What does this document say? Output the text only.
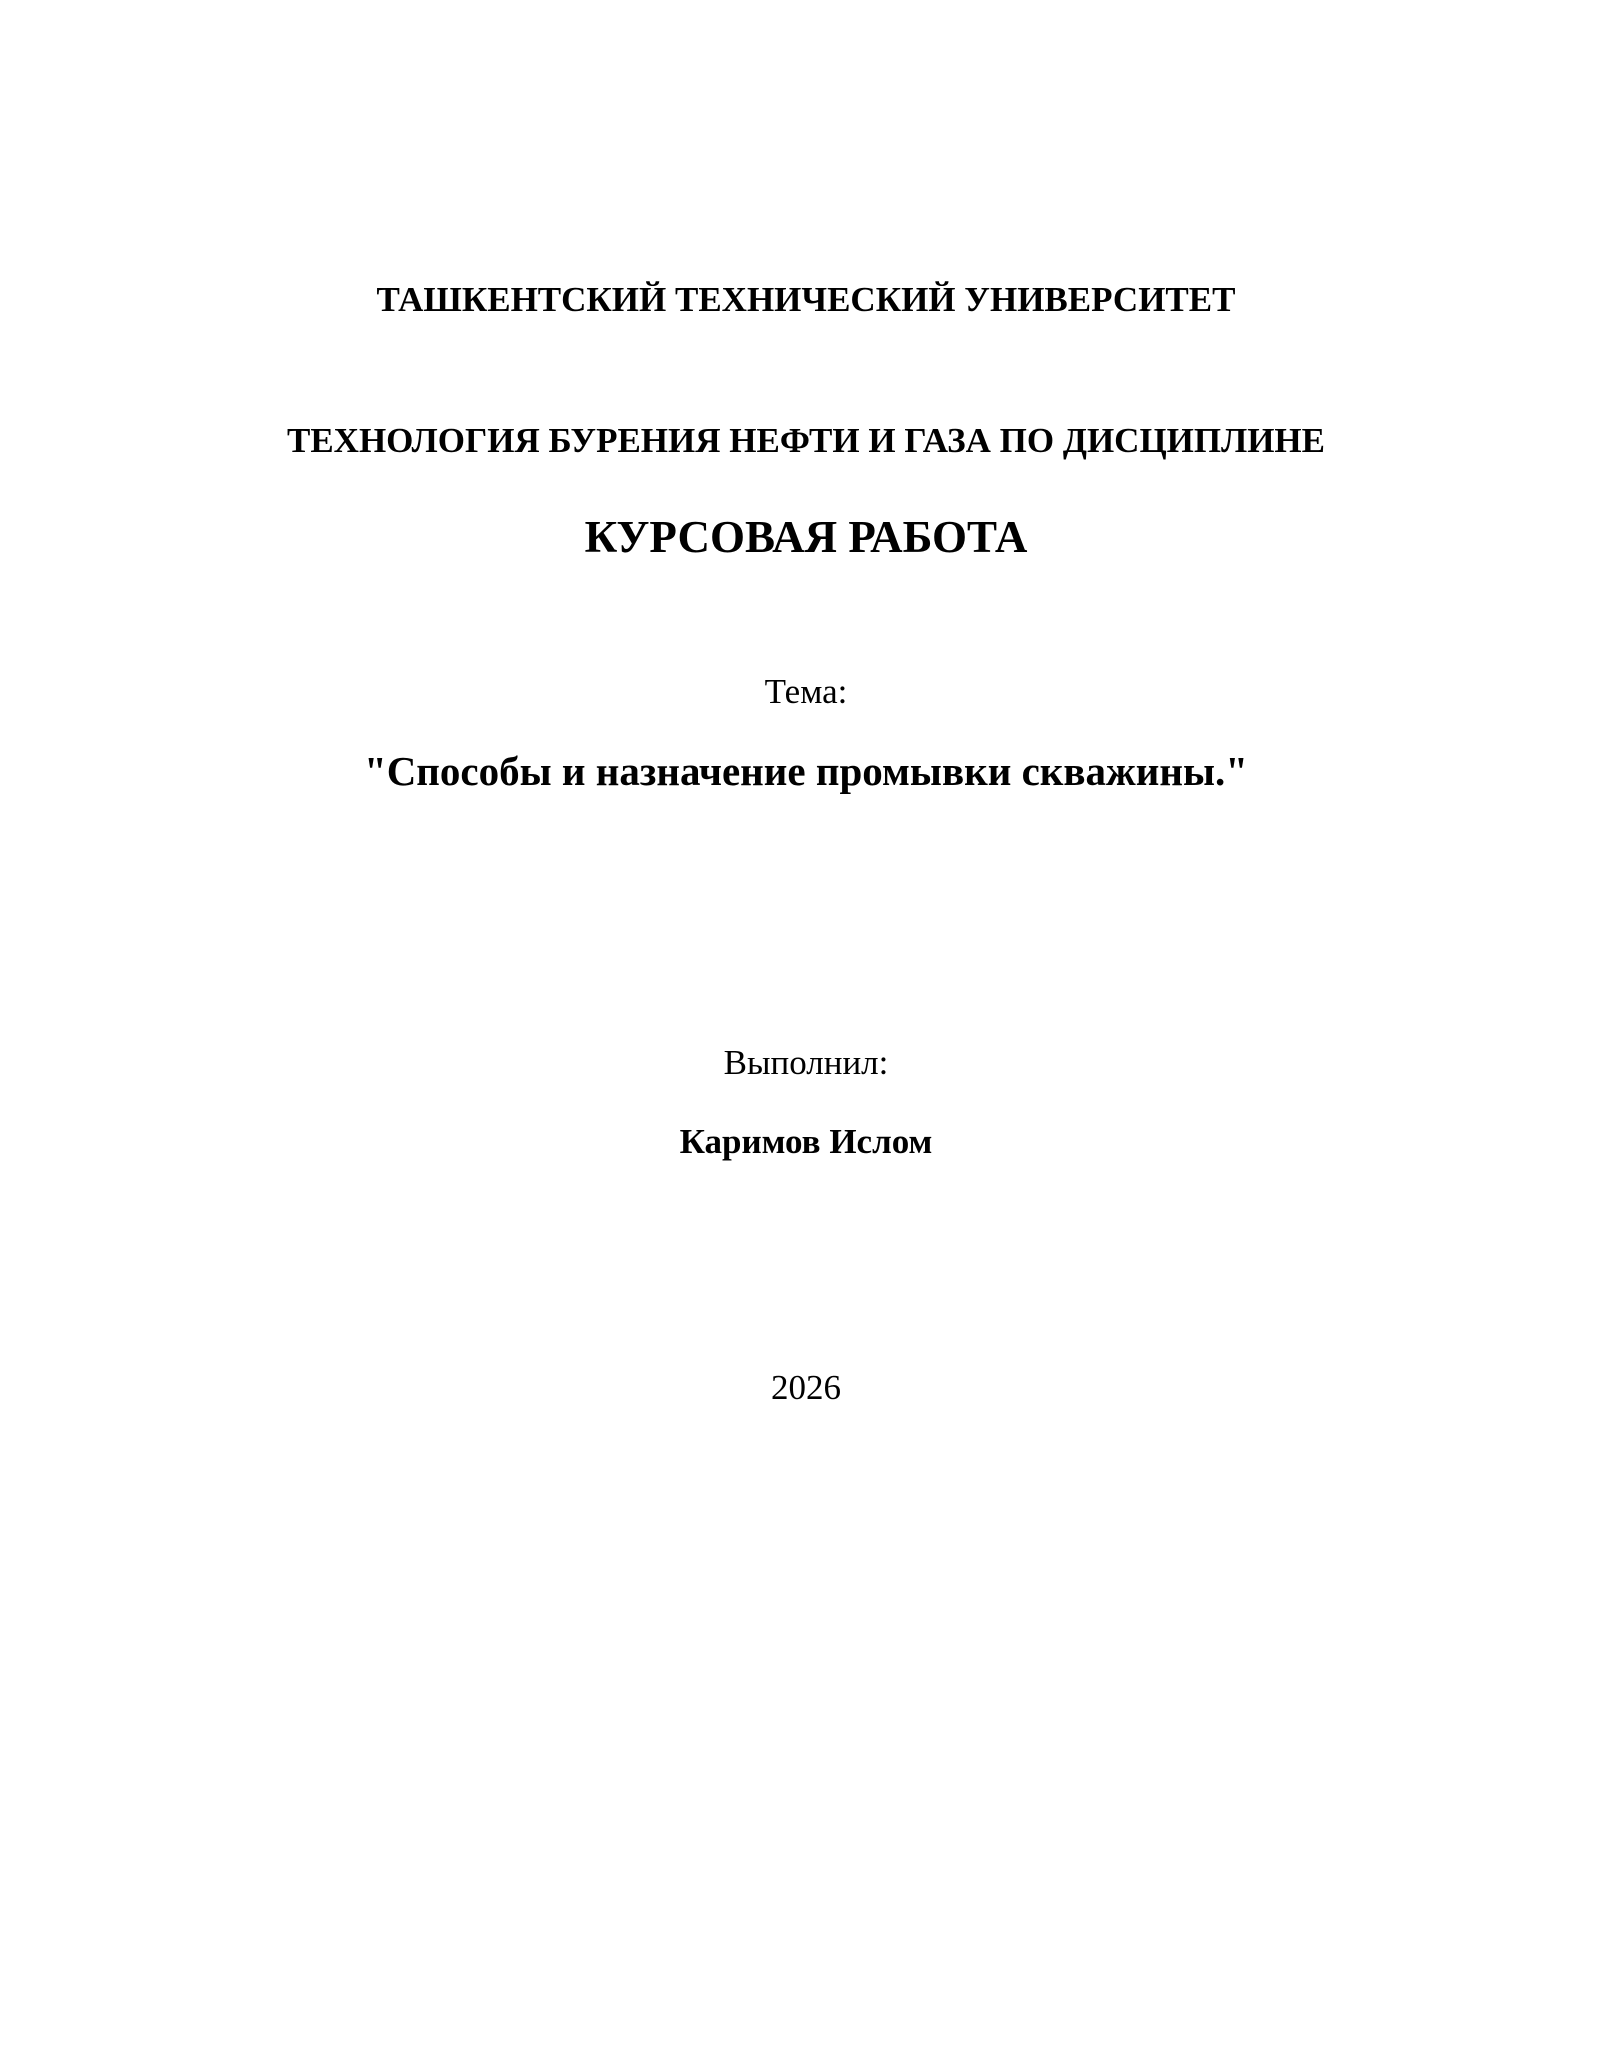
ТАШКЕНТСКИЙ ТЕХНИЧЕСКИЙ УНИВЕРСИТЕТ
ТЕХНОЛОГИЯ БУРЕНИЯ НЕФТИ И ГАЗА ПО ДИСЦИПЛИНЕ
КУРСОВАЯ РАБОТА
Тема:
"Способы и назначение промывки скважины."
Выполнил:
Каримов Ислом
2026
